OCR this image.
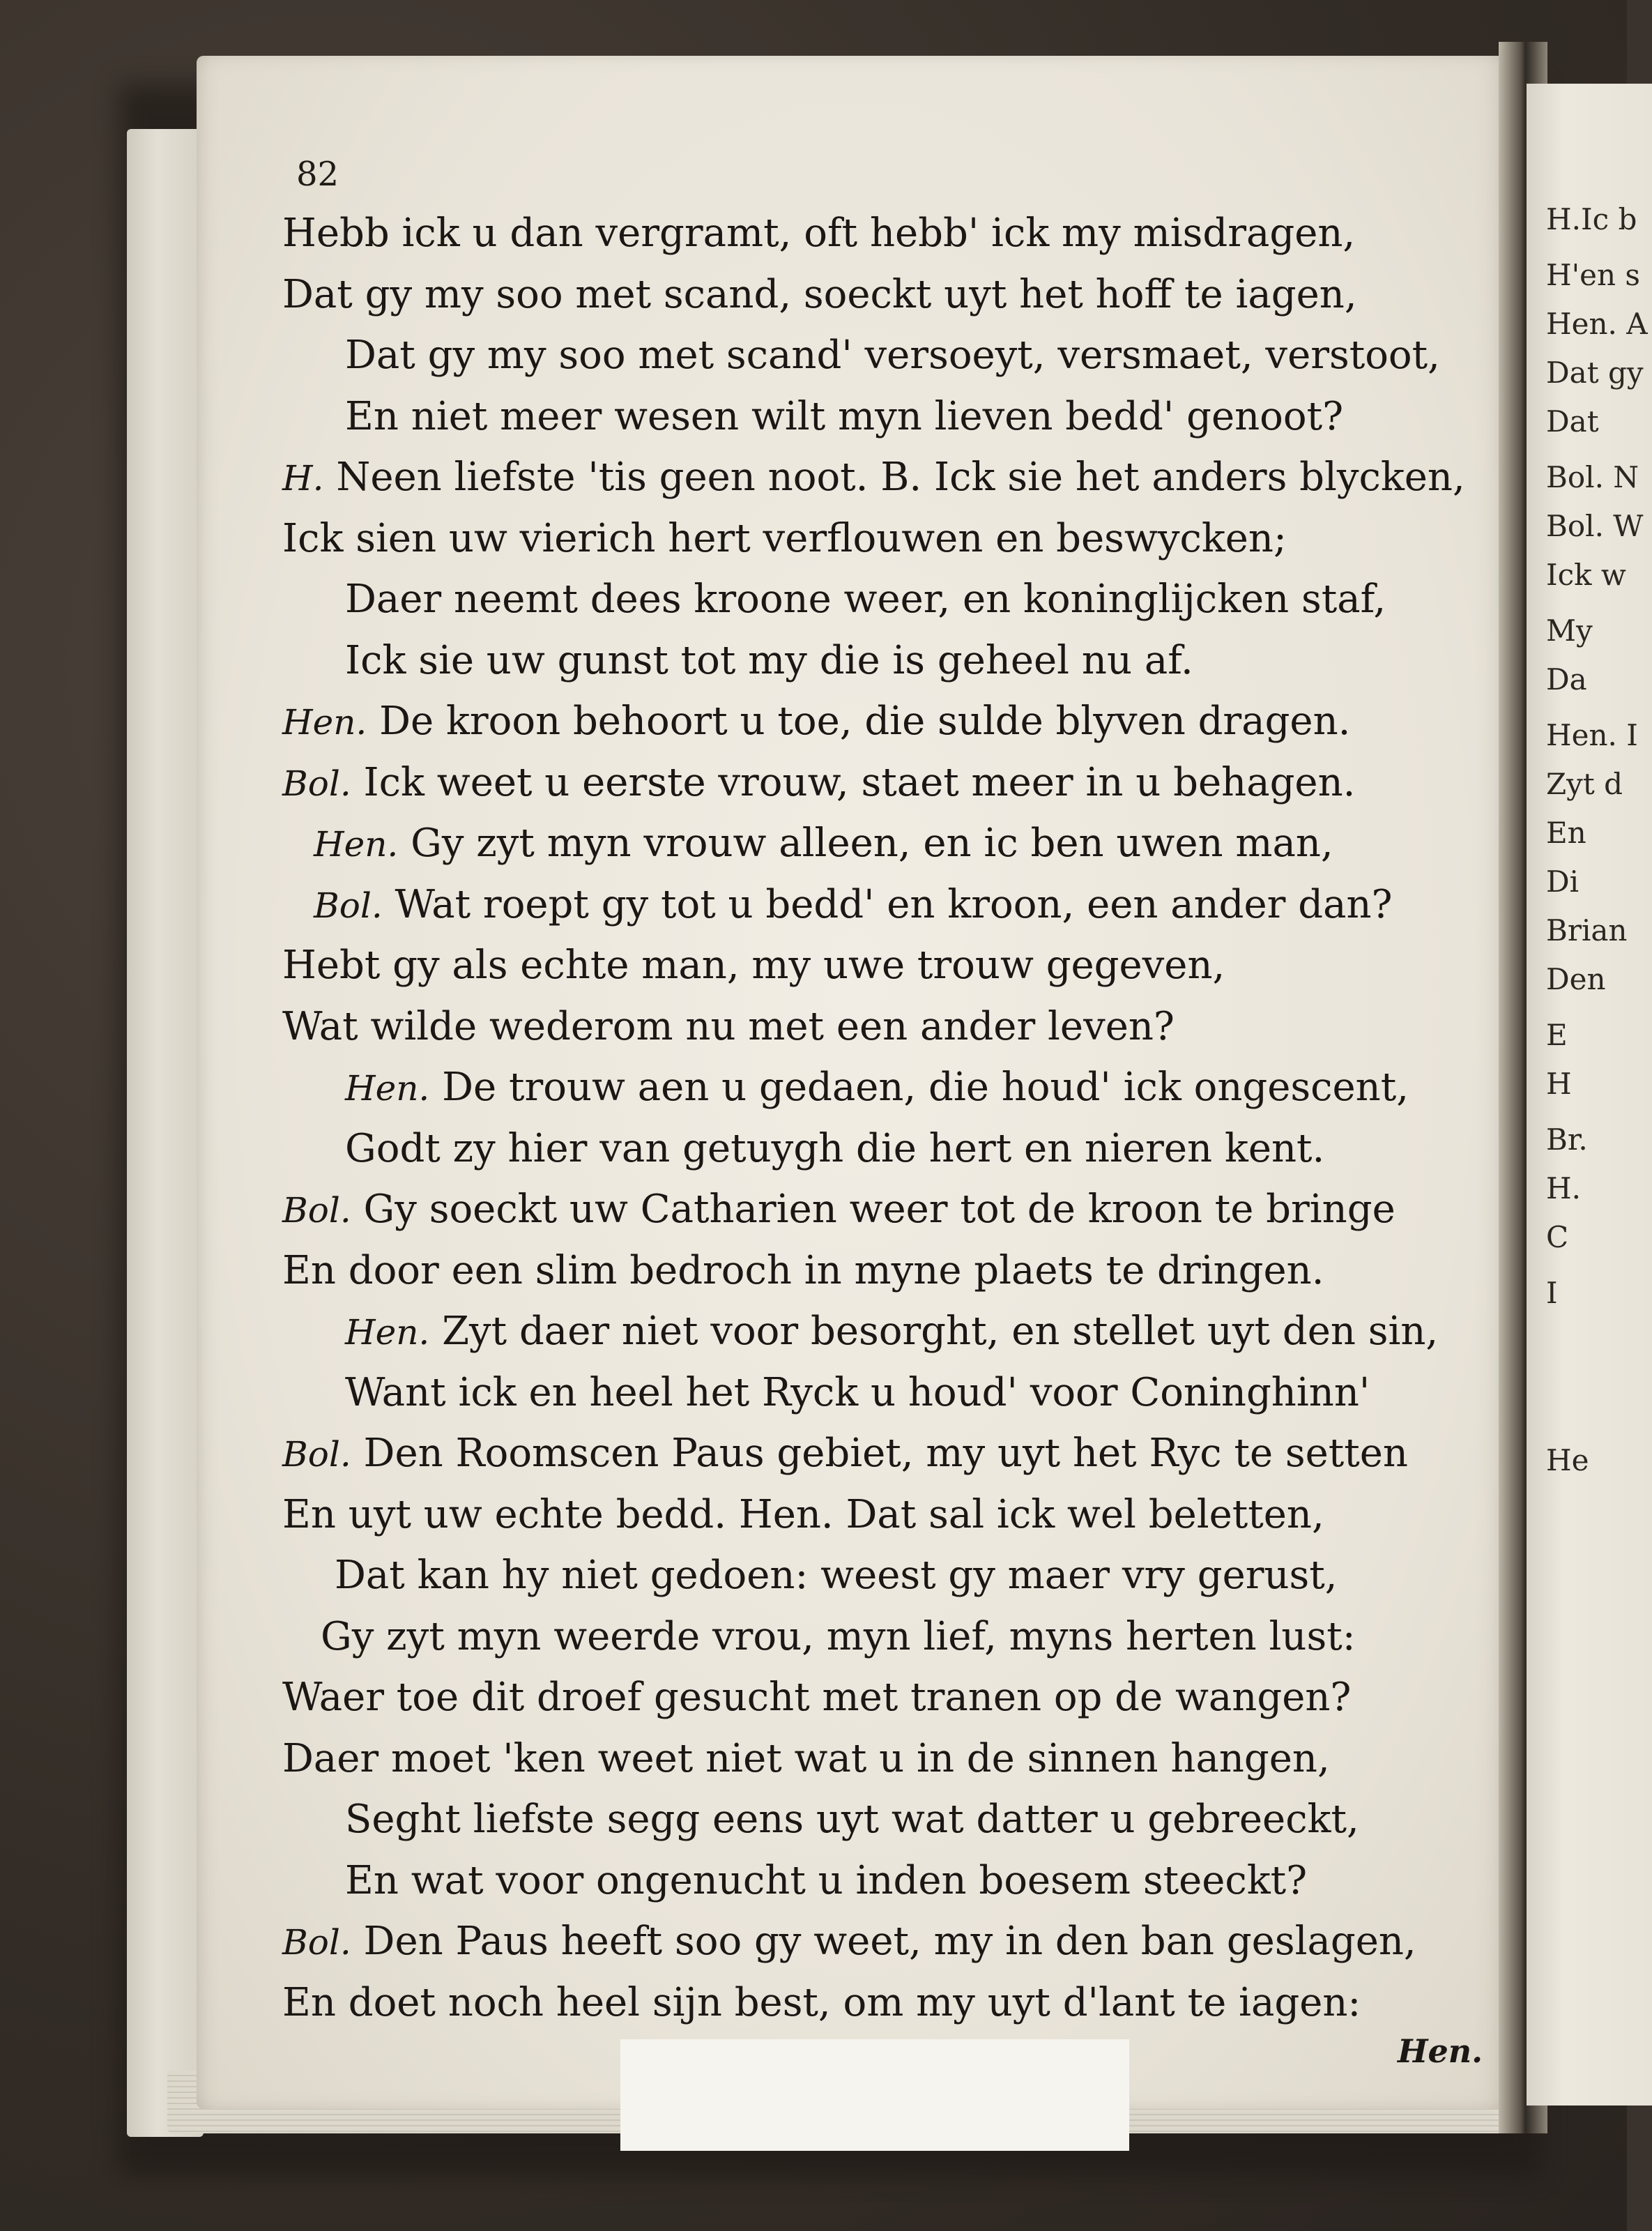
H.Ic b
H'en s
Hen. A
Dat gy
Dat
Bol. N
Bol. W
Ick w
My
Da
Hen. I
Zyt d
En
Di
Brian
Den
E
H
Br.
H.
C
I
He
82
Hebb ick u dan vergramt, oft hebb' ick my misdragen,
Dat gy my soo met scand, soeckt uyt het hoff te iagen,
Dat gy my soo met scand' versoeyt, versmaet, verstoot,
En niet meer wesen wilt myn lieven bedd' genoot?
H. Neen liefste 'tis geen noot. B. Ick sie het anders blycken,
Ick sien uw vierich hert verflouwen en beswycken;
Daer neemt dees kroone weer, en koninglijcken staf,
Ick sie uw gunst tot my die is geheel nu af.
Hen. De kroon behoort u toe, die sulde blyven dragen.
Bol. Ick weet u eerste vrouw, staet meer in u behagen.
Hen. Gy zyt myn vrouw alleen, en ic ben uwen man,
Bol. Wat roept gy tot u bedd' en kroon, een ander dan?
Hebt gy als echte man, my uwe trouw gegeven,
Wat wilde wederom nu met een ander leven?
Hen. De trouw aen u gedaen, die houd' ick ongescent,
Godt zy hier van getuygh die hert en nieren kent.
Bol. Gy soeckt uw Catharien weer tot de kroon te bringe
En door een slim bedroch in myne plaets te dringen.
Hen. Zyt daer niet voor besorght, en stellet uyt den sin,
Want ick en heel het Ryck u houd' voor Coninghinn'
Bol. Den Roomscen Paus gebiet, my uyt het Ryc te setten
En uyt uw echte bedd. Hen. Dat sal ick wel beletten,
Dat kan hy niet gedoen: weest gy maer vry gerust,
Gy zyt myn weerde vrou, myn lief, myns herten lust:
Waer toe dit droef gesucht met tranen op de wangen?
Daer moet 'ken weet niet wat u in de sinnen hangen,
Seght liefste segg eens uyt wat datter u gebreeckt,
En wat voor ongenucht u inden boesem steeckt?
Bol. Den Paus heeft soo gy weet, my in den ban geslagen,
En doet noch heel sijn best, om my uyt d'lant te iagen:
Hen.
